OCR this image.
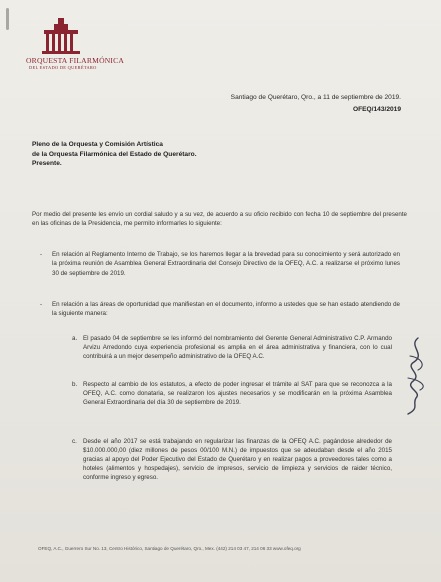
ORQUESTA FILARMÓNICA
DEL ESTADO DE QUERÉTARO
Santiago de Querétaro, Qro., a 11 de septiembre de 2019.
OFEQ/143/2019
Pleno de la Orquesta y Comisión Artística
de la Orquesta Filarmónica del Estado de Querétaro.
Presente.
Por medio del presente les envío un cordial saludo y a su vez, de acuerdo a su oficio recibido con fecha 10 de septiembre del presente en las oficinas de la Presidencia, me permito informarles lo siguiente:
- En relación al Reglamento Interno de Trabajo, se los haremos llegar a la brevedad para su conocimiento y será autorizado en la próxima reunión de Asamblea General Extraordinaria del Consejo Directivo de la OFEQ, A.C. a realizarse el próximo lunes 30 de septiembre de 2019.
- En relación a las áreas de oportunidad que manifiestan en el documento, informo a ustedes que se han estado atendiendo de la siguiente manera:
a. El pasado 04 de septiembre se les informó del nombramiento del Gerente General Administrativo C.P. Armando Arvizu Arredondo cuya experiencia profesional es amplia en el área administrativa y financiera, con lo cual contribuirá a un mejor desempeño administrativo de la OFEQ A.C.
b. Respecto al cambio de los estatutos, a efecto de poder ingresar el trámite al SAT para que se reconozca a la OFEQ, A.C. como donataria, se realizaron los ajustes necesarios y se modificarán en la próxima Asamblea General Extraordinaria del día 30 de septiembre de 2019.
c. Desde el año 2017 se está trabajando en regularizar las finanzas de la OFEQ A.C. pagándose alrededor de $10.000.000,00 (diez millones de pesos 00/100 M.N.) de impuestos que se adeudaban desde el año 2015 gracias al apoyo del Poder Ejecutivo del Estado de Querétaro y en realizar pagos a proveedores tales como a hoteles (alimentos y hospedajes), servicio de impresos, servicio de limpieza y servicios de raider técnico, conforme ingreso y egreso.
OFEQ, A.C., Guerrero Sur No. 13, Centro Histórico, Santiago de Querétaro, Qro., Mex. (442) 214 03 47, 214 06 33 www.ofeq.org
